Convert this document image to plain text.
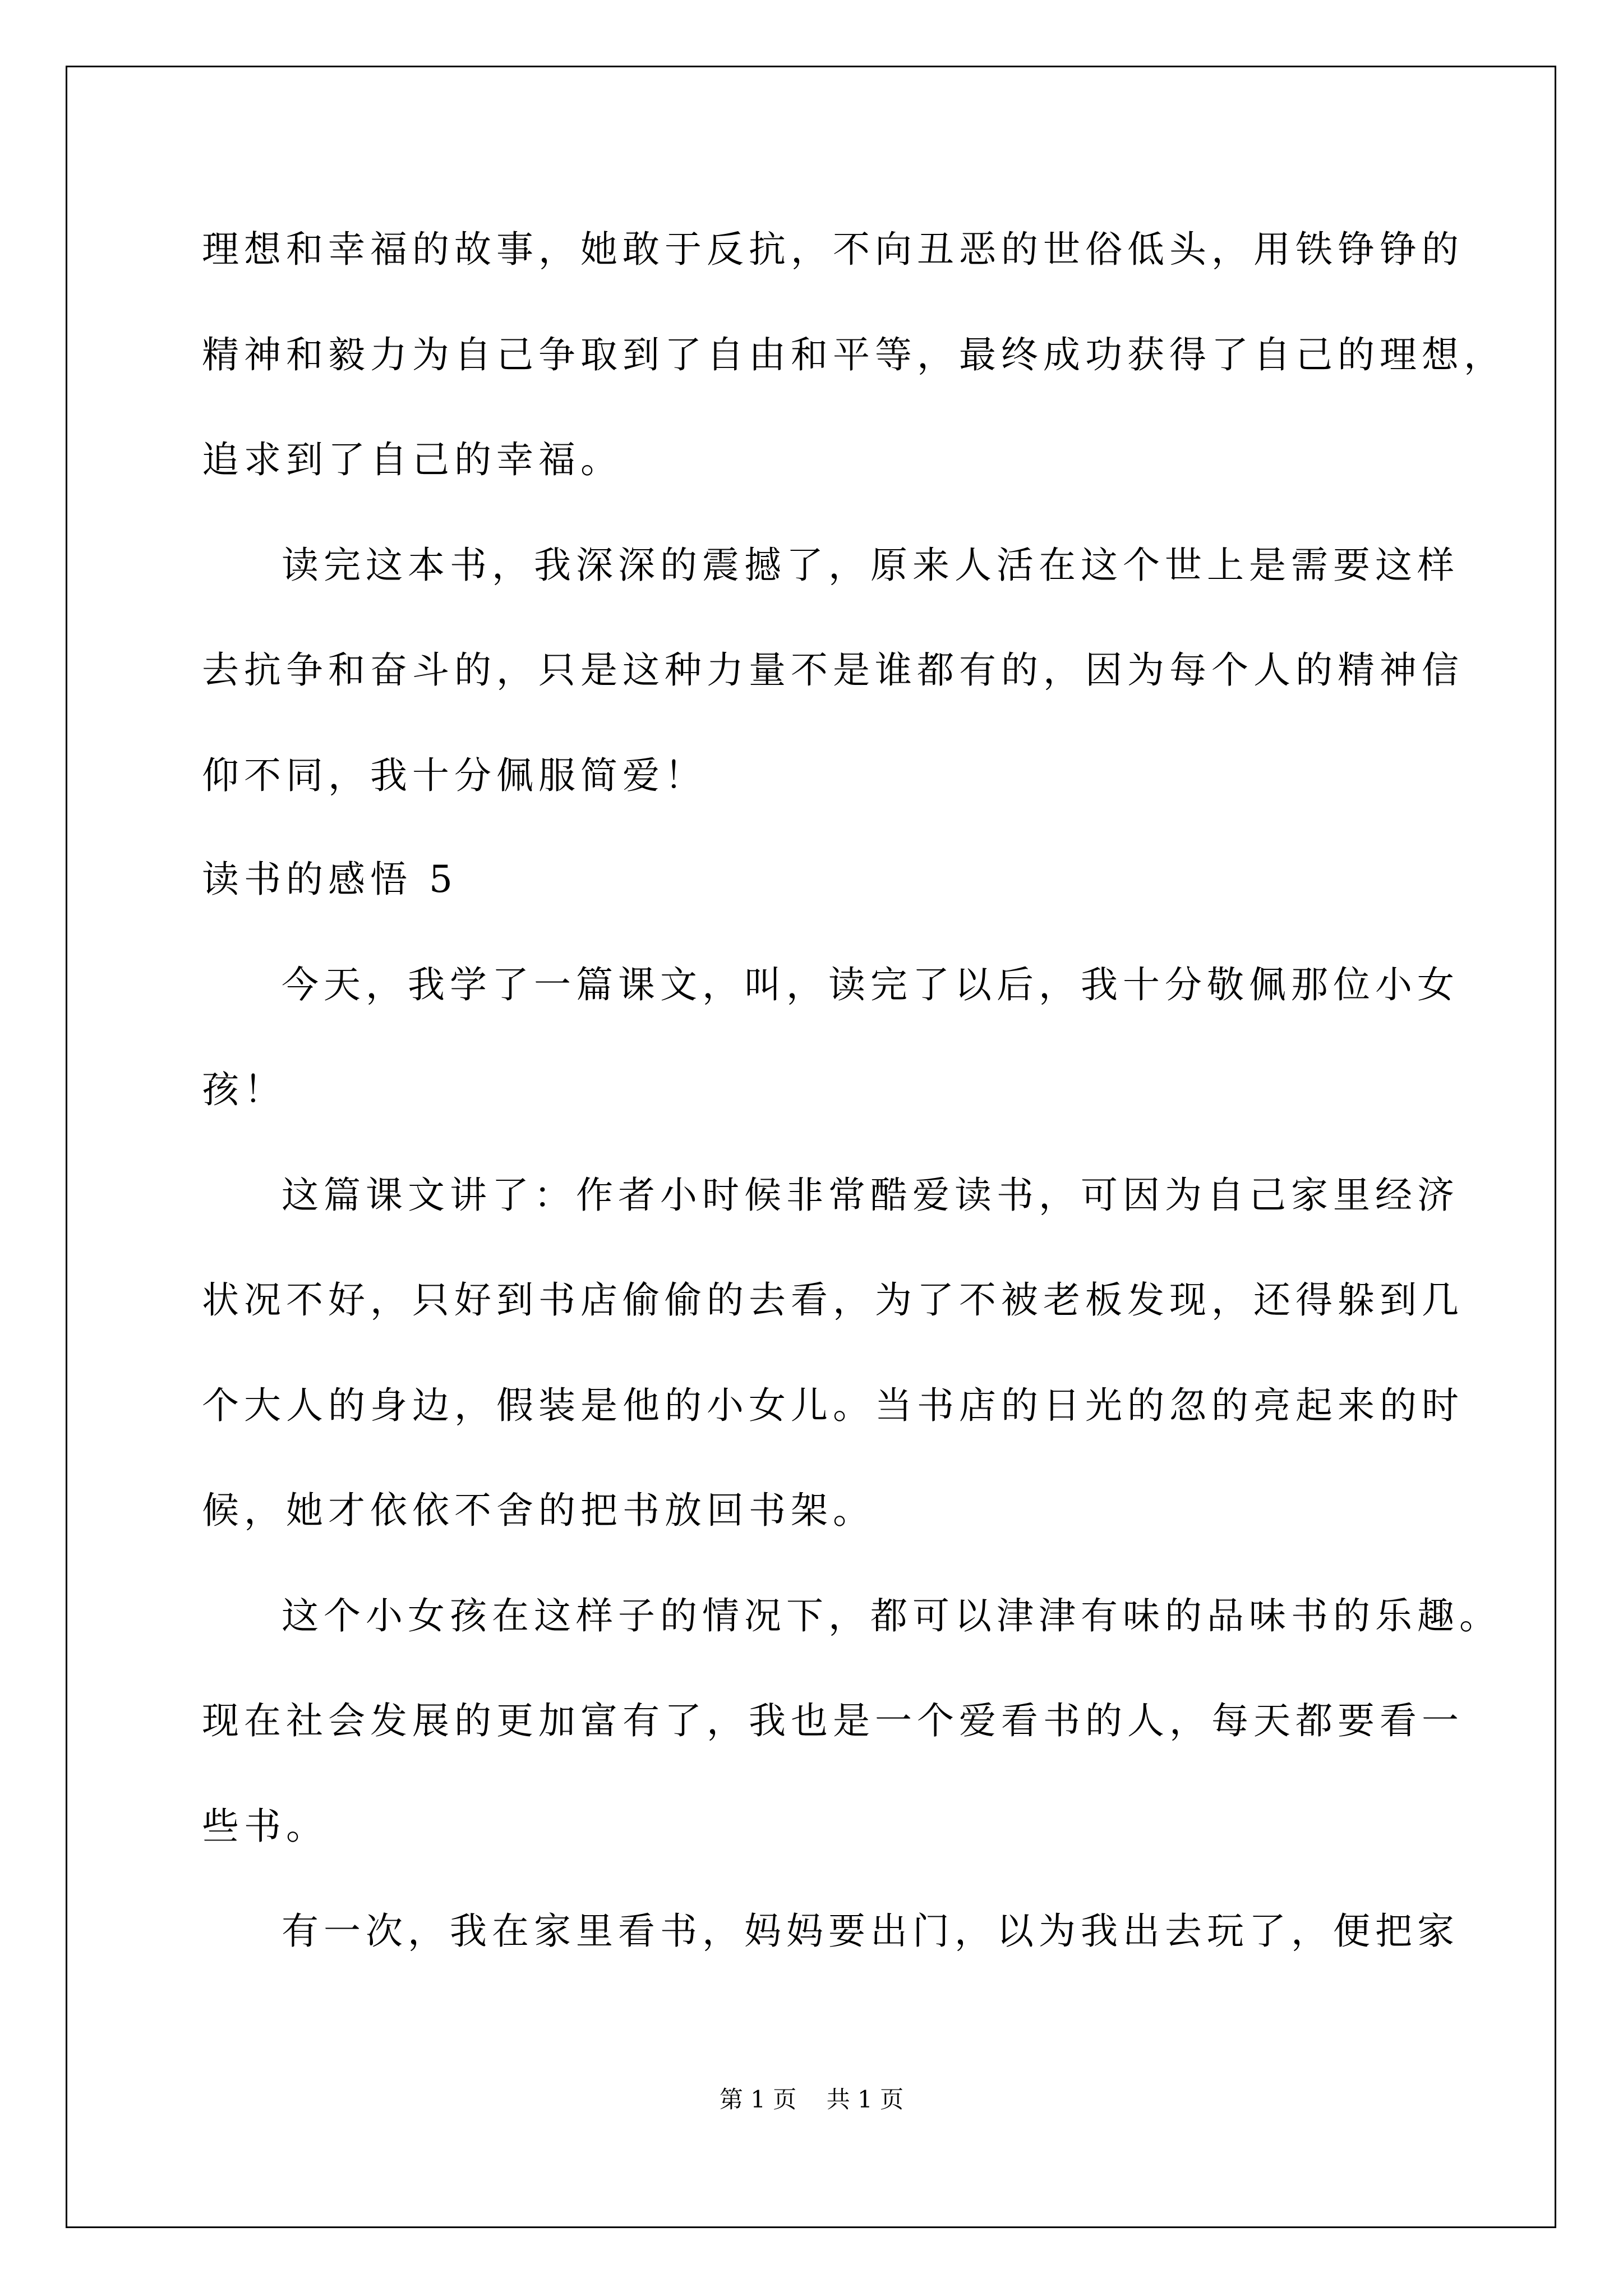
理想和幸福的故事，她敢于反抗，不向丑恶的世俗低头，用铁铮铮的
精神和毅力为自己争取到了自由和平等，最终成功获得了自己的理想，
追求到了自己的幸福。
读完这本书，我深深的震撼了，原来人活在这个世上是需要这样
去抗争和奋斗的，只是这种力量不是谁都有的，因为每个人的精神信
仰不同，我十分佩服简爱！
读书的感悟 5
今天，我学了一篇课文，叫，读完了以后，我十分敬佩那位小女
孩！
这篇课文讲了：作者小时候非常酷爱读书，可因为自己家里经济
状况不好，只好到书店偷偷的去看，为了不被老板发现，还得躲到几
个大人的身边，假装是他的小女儿。当书店的日光的忽的亮起来的时
候，她才依依不舍的把书放回书架。
这个小女孩在这样子的情况下，都可以津津有味的品味书的乐趣。
现在社会发展的更加富有了，我也是一个爱看书的人，每天都要看一
些书。
有一次，我在家里看书，妈妈要出门，以为我出去玩了，便把家
第 1 页    共 1 页
